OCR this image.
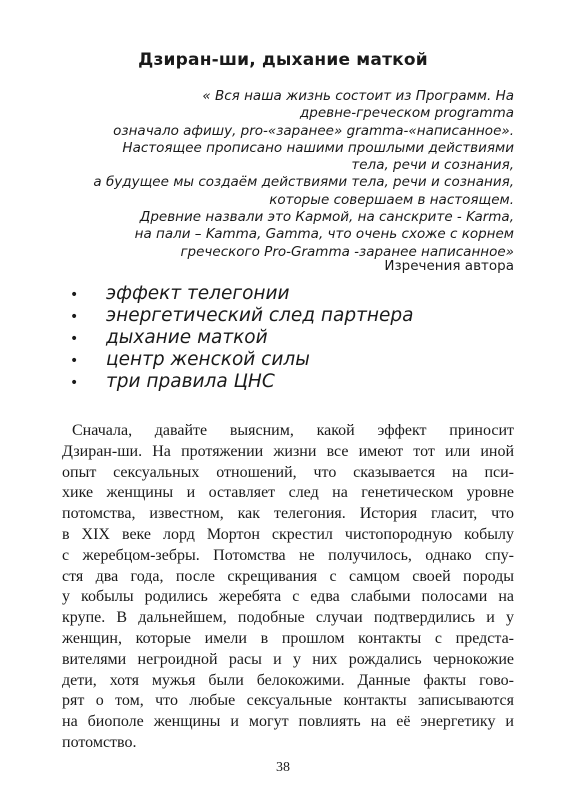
Дзиран-ши, дыхание маткой
« Вся наша жизнь состоит из Программ. На
древне-греческом programma
означало афишу, pro-«заранее» gramma-«написанное».
Настоящее прописано нашими прошлыми действиями
тела, речи и сознания,
а будущее мы создаём действиями тела, речи и сознания,
которые совершаем в настоящем.
Древние назвали это Кармой, на санскрите - Karma,
на пали – Kamma, Gamma, что очень схоже с корнем
греческого Pro-Gramma -заранее написанное»
Изречения автора
• эффект телегонии
• энергетический след партнера
• дыхание маткой
• центр женской силы
• три правила ЦНС
Сначала, давайте выясним, какой эффект приносит
Дзиран-ши. На протяжении жизни все имеют тот или иной
опыт сексуальных отношений, что сказывается на пси-
хике женщины и оставляет след на генетическом уровне
потомства, известном, как телегония. История гласит, что
в XIX веке лорд Мортон скрестил чистопородную кобылу
с жеребцом-зебры. Потомства не получилось, однако спу-
стя два года, после скрещивания с самцом своей породы
у кобылы родились жеребята с едва слабыми полосами на
крупе. В дальнейшем, подобные случаи подтвердились и у
женщин, которые имели в прошлом контакты с предста-
вителями негроидной расы и у них рождались чернокожие
дети, хотя мужья были белокожими. Данные факты гово-
рят о том, что любые сексуальные контакты записываются
на биополе женщины и могут повлиять на её энергетику и
потомство.
38
